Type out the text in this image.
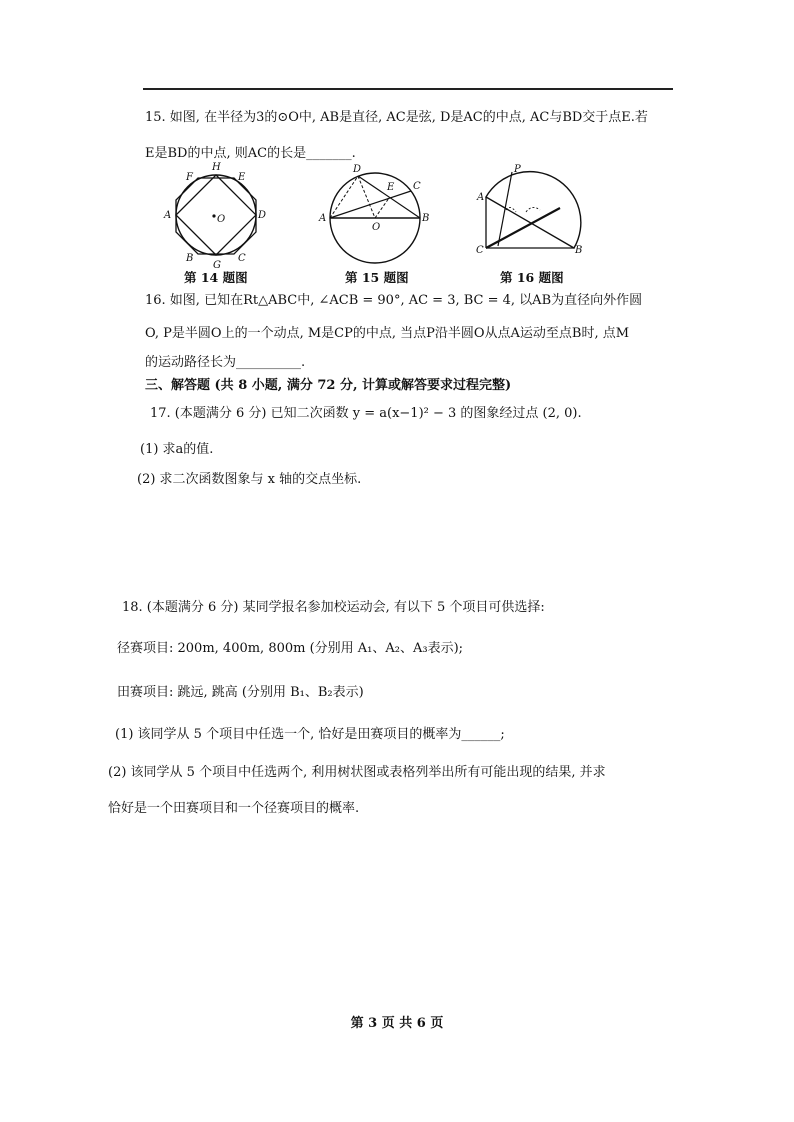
15. 如图, 在半径为3的⊙O中, AB是直径, AC是弦, D是AC的中点, AC与BD交于点E.若
E是BD的中点, 则AC的长是_______.
H
F	E
A	O	D
B
G
C
第 14 题图
D
E C
A	B
O
第 15 题图
P
A
C	B
第 16 题图
16. 如图, 已知在Rt△ABC中, ∠ACB = 90°, AC = 3, BC = 4, 以AB为直径向外作圆
O, P是半圆O上的一个动点, M是CP的中点, 当点P沿半圆O从点A运动至点B时, 点M
的运动路径长为__________.
三、解答题 (共 8 小题, 满分 72 分, 计算或解答要求过程完整)
17. (本题满分 6 分) 已知二次函数 y = a(x−1)² − 3 的图象经过点 (2, 0).
(1) 求a的值.
(2) 求二次函数图象与 x 轴的交点坐标.
18. (本题满分 6 分) 某同学报名参加校运动会, 有以下 5 个项目可供选择:
径赛项目: 200m, 400m, 800m (分别用 A₁、A₂、A₃表示);
田赛项目: 跳远, 跳高 (分别用 B₁、B₂表示)
(1) 该同学从 5 个项目中任选一个, 恰好是田赛项目的概率为______;
(2) 该同学从 5 个项目中任选两个, 利用树状图或表格列举出所有可能出现的结果, 并求
恰好是一个田赛项目和一个径赛项目的概率.
第 3 页 共 6 页
